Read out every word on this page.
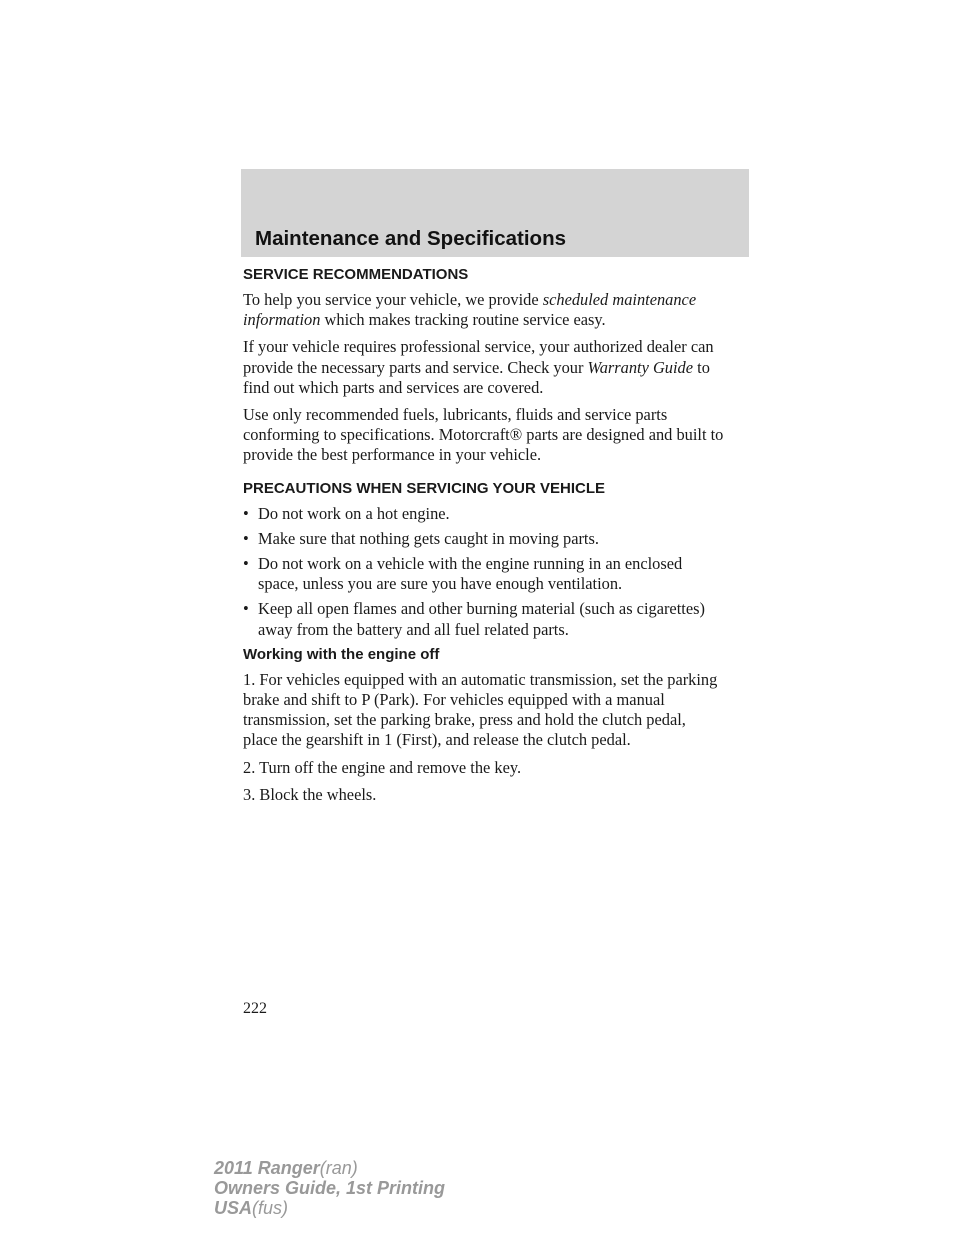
Maintenance and Specifications
SERVICE RECOMMENDATIONS

To help you service your vehicle, we provide scheduled maintenance
information which makes tracking routine service easy.

If your vehicle requires professional service, your authorized dealer can
provide the necessary parts and service. Check your Warranty Guide to
find out which parts and services are covered.

Use only recommended fuels, lubricants, fluids and service parts
conforming to specifications. Motorcraft® parts are designed and built to
provide the best performance in your vehicle.

PRECAUTIONS WHEN SERVICING YOUR VEHICLE
• Do not work on a hot engine.
• Make sure that nothing gets caught in moving parts.
• Do not work on a vehicle with the engine running in an enclosed
space, unless you are sure you have enough ventilation.
• Keep all open flames and other burning material (such as cigarettes)
away from the battery and all fuel related parts.
Working with the engine off

1. For vehicles equipped with an automatic transmission, set the parking
brake and shift to P (Park). For vehicles equipped with a manual
transmission, set the parking brake, press and hold the clutch pedal,
place the gearshift in 1 (First), and release the clutch pedal.

2. Turn off the engine and remove the key.

3. Block the wheels.

222
2011 Ranger(ran)
Owners Guide, 1st Printing
USA(fus)
